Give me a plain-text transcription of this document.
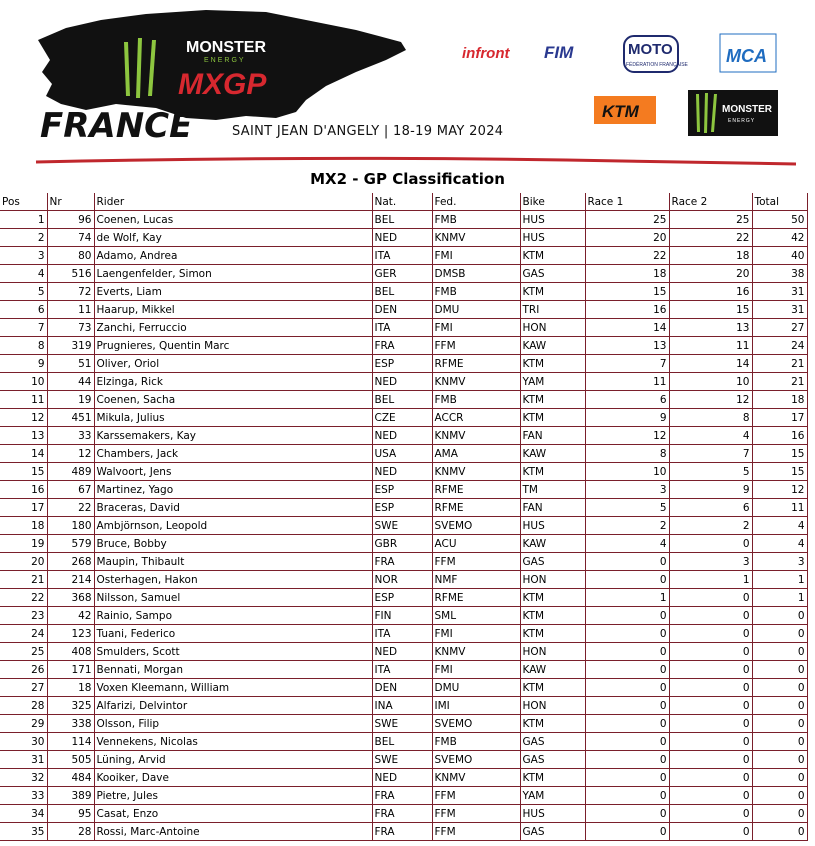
MONSTER
ENERGY
MXGP
infront FIM	MOTO
FÉDÉRATION FRANÇAISE MCA
KTM	MONSTER
ENERGY
FRANCE	SAINT JEAN D'ANGELY | 18-19 MAY 2024
MX2 - GP Classification
Pos	Nr	Rider	Nat.	Fed.	Bike	Race 1	Race 2	Total
1	96	Coenen, Lucas	BEL	FMB	HUS	25	25	50
2	74	de Wolf, Kay	NED	KNMV	HUS	20	22	42
3	80	Adamo, Andrea	ITA	FMI	KTM	22	18	40
4	516	Laengenfelder, Simon	GER	DMSB	GAS	18	20	38
5	72	Everts, Liam	BEL	FMB	KTM	15	16	31
6	11	Haarup, Mikkel	DEN	DMU	TRI	16	15	31
7	73	Zanchi, Ferruccio	ITA	FMI	HON	14	13	27
8	319	Prugnieres, Quentin Marc	FRA	FFM	KAW	13	11	24
9	51	Oliver, Oriol	ESP	RFME	KTM	7	14	21
10	44	Elzinga, Rick	NED	KNMV	YAM	11	10	21
11	19	Coenen, Sacha	BEL	FMB	KTM	6	12	18
12	451	Mikula, Julius	CZE	ACCR	KTM	9	8	17
13	33	Karssemakers, Kay	NED	KNMV	FAN	12	4	16
14	12	Chambers, Jack	USA	AMA	KAW	8	7	15
15	489	Walvoort, Jens	NED	KNMV	KTM	10	5	15
16	67	Martinez, Yago	ESP	RFME	TM	3	9	12
17	22	Braceras, David	ESP	RFME	FAN	5	6	11
18	180	Ambjörnson, Leopold	SWE	SVEMO	HUS	2	2	4
19	579	Bruce, Bobby	GBR	ACU	KAW	4	0	4
20	268	Maupin, Thibault	FRA	FFM	GAS	0	3	3
21	214	Osterhagen, Hakon	NOR	NMF	HON	0	1	1
22	368	Nilsson, Samuel	ESP	RFME	KTM	1	0	1
23	42	Rainio, Sampo	FIN	SML	KTM	0	0	0
24	123	Tuani, Federico	ITA	FMI	KTM	0	0	0
25	408	Smulders, Scott	NED	KNMV	HON	0	0	0
26	171	Bennati, Morgan	ITA	FMI	KAW	0	0	0
27	18	Voxen Kleemann, William	DEN	DMU	KTM	0	0	0
28	325	Alfarizi, Delvintor	INA	IMI	HON	0	0	0
29	338	Olsson, Filip	SWE	SVEMO	KTM	0	0	0
30	114	Vennekens, Nicolas	BEL	FMB	GAS	0	0	0
31	505	Lüning, Arvid	SWE	SVEMO	GAS	0	0	0
32	484	Kooiker, Dave	NED	KNMV	KTM	0	0	0
33	389	Pietre, Jules	FRA	FFM	YAM	0	0	0
34	95	Casat, Enzo	FRA	FFM	HUS	0	0	0
35	28	Rossi, Marc-Antoine	FRA	FFM	GAS	0	0	0
